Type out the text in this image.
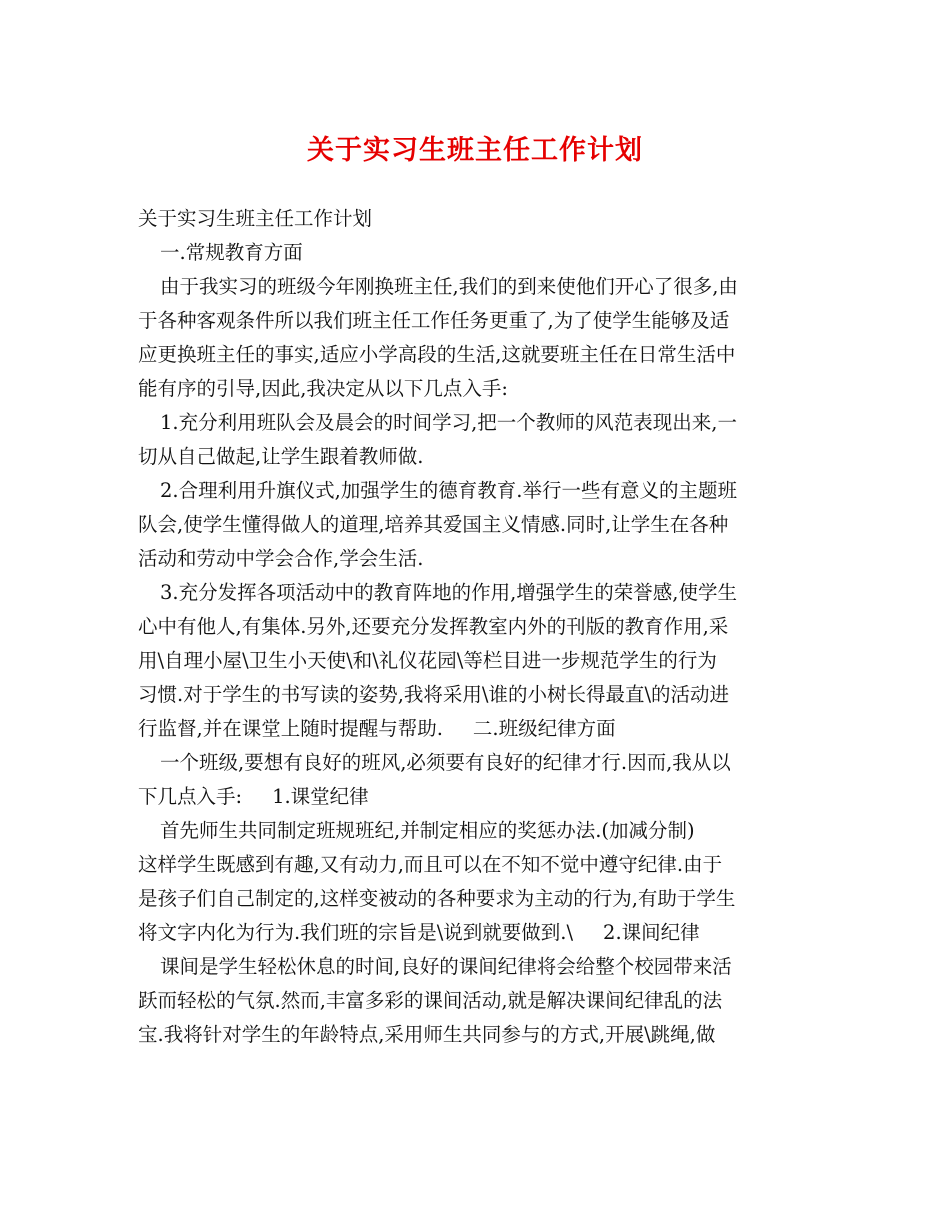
关于实习生班主任工作计划
关于实习生班主任工作计划
一.常规教育方面
由于我实习的班级今年刚换班主任,我们的到来使他们开心了很多,由
于各种客观条件所以我们班主任工作任务更重了,为了使学生能够及适
应更换班主任的事实,适应小学高段的生活,这就要班主任在日常生活中
能有序的引导,因此,我决定从以下几点入手:
1.充分利用班队会及晨会的时间学习,把一个教师的风范表现出来,一
切从自己做起,让学生跟着教师做.
2.合理利用升旗仪式,加强学生的德育教育.举行一些有意义的主题班
队会,使学生懂得做人的道理,培养其爱国主义情感.同时,让学生在各种
活动和劳动中学会合作,学会生活.
3.充分发挥各项活动中的教育阵地的作用,增强学生的荣誉感,使学生
心中有他人,有集体.另外,还要充分发挥教室内外的刊版的教育作用,采
用\自理小屋\卫生小天使\和\礼仪花园\等栏目进一步规范学生的行为
习惯.对于学生的书写读的姿势,我将采用\谁的小树长得最直\的活动进
行监督,并在课堂上随时提醒与帮助. 二.班级纪律方面
一个班级,要想有良好的班风,必须要有良好的纪律才行.因而,我从以
下几点入手: 1.课堂纪律
首先师生共同制定班规班纪,并制定相应的奖惩办法.(加减分制)
这样学生既感到有趣,又有动力,而且可以在不知不觉中遵守纪律.由于
是孩子们自己制定的,这样变被动的各种要求为主动的行为,有助于学生
将文字内化为行为.我们班的宗旨是\说到就要做到.\ 2.课间纪律
课间是学生轻松休息的时间,良好的课间纪律将会给整个校园带来活
跃而轻松的气氛.然而,丰富多彩的课间活动,就是解决课间纪律乱的法
宝.我将针对学生的年龄特点,采用师生共同参与的方式,开展\跳绳,做
